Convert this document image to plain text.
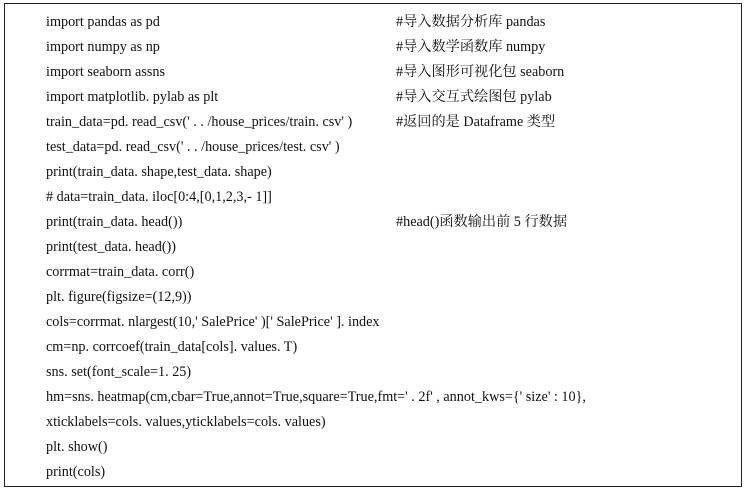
import pandas as pd	#导入数据分析库 pandas
import numpy as np	#导入数学函数库 numpy
import seaborn assns	#导入图形可视化包 seaborn
import matplotlib. pylab as plt	#导入交互式绘图包 pylab
train_data=pd. read_csv(' . . /house_prices/train. csv' )	#返回的是 Dataframe 类型
test_data=pd. read_csv(' . . /house_prices/test. csv' )
print(train_data. shape,test_data. shape)
# data=train_data. iloc[0:4,[0,1,2,3,- 1]]
print(train_data. head())	#head()函数输出前 5 行数据
print(test_data. head())
corrmat=train_data. corr()
plt. figure(figsize=(12,9))
cols=corrmat. nlargest(10,' SalePrice' )[' SalePrice' ]. index
cm=np. corrcoef(train_data[cols]. values. T)
sns. set(font_scale=1. 25)
hm=sns. heatmap(cm,cbar=True,annot=True,square=True,fmt=' . 2f' , annot_kws={' size' : 10},
xticklabels=cols. values,yticklabels=cols. values)
plt. show()
print(cols)
